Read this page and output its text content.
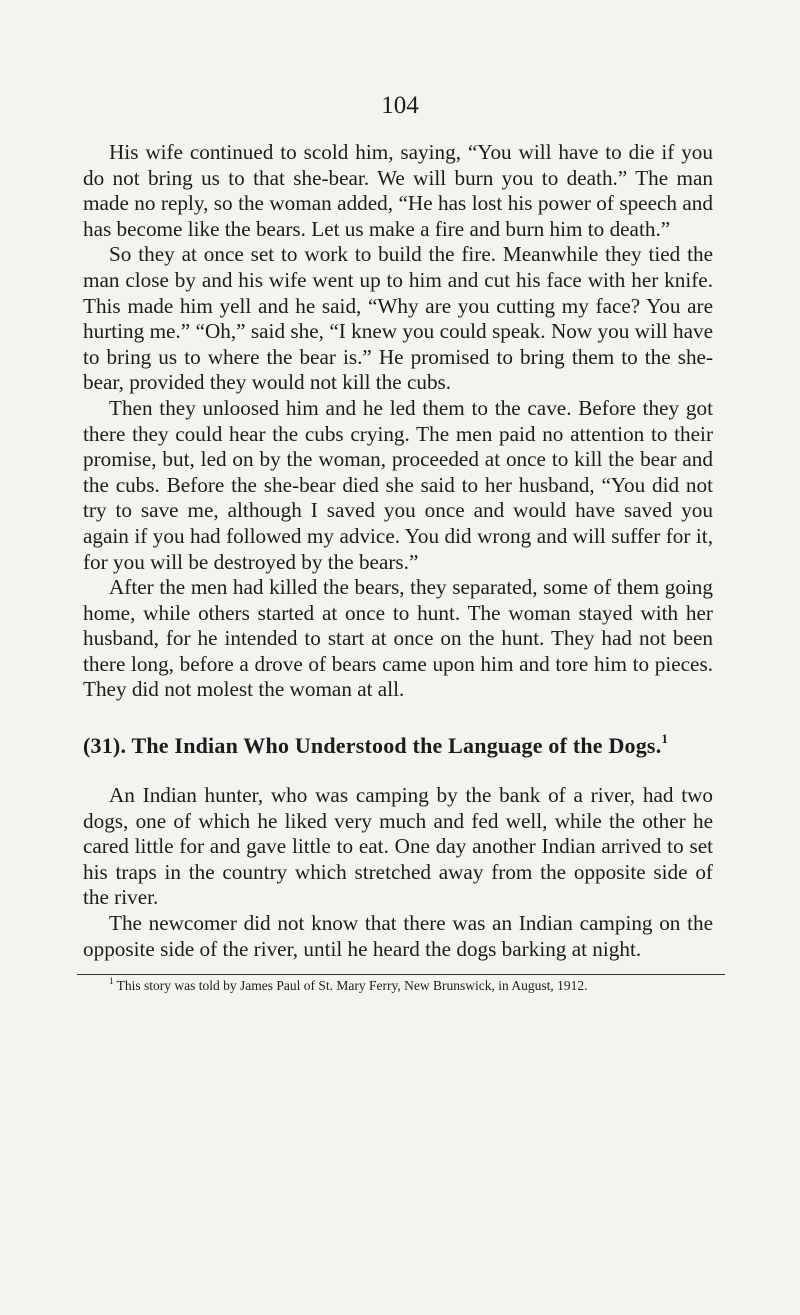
104

His wife continued to scold him, saying, “You will have to die if you do not bring us to that she-bear. We will burn you to death.” The man made no reply, so the woman added, “He has lost his power of speech and has become like the bears. Let us make a fire and burn him to death.”

So they at once set to work to build the fire. Meanwhile they tied the man close by and his wife went up to him and cut his face with her knife. This made him yell and he said, “Why are you cutting my face? You are hurting me.” “Oh,” said she, “I knew you could speak. Now you will have to bring us to where the bear is.” He promised to bring them to the she-bear, provided they would not kill the cubs.

Then they unloosed him and he led them to the cave. Before they got there they could hear the cubs crying. The men paid no attention to their promise, but, led on by the woman, proceeded at once to kill the bear and the cubs. Before the she-bear died she said to her husband, “You did not try to save me, although I saved you once and would have saved you again if you had followed my advice. You did wrong and will suffer for it, for you will be destroyed by the bears.”

After the men had killed the bears, they separated, some of them going home, while others started at once to hunt. The woman stayed with her husband, for he intended to start at once on the hunt. They had not been there long, before a drove of bears came upon him and tore him to pieces. They did not molest the woman at all.

(31). The Indian Who Understood the Language of the Dogs.$^1$

An Indian hunter, who was camping by the bank of a river, had two dogs, one of which he liked very much and fed well, while the other he cared little for and gave little to eat. One day another Indian arrived to set his traps in the country which stretched away from the opposite side of the river.

The newcomer did not know that there was an Indian camping on the opposite side of the river, until he heard the dogs barking at night.

$^1$ This story was told by James Paul of St. Mary Ferry, New Brunswick, in August, 1912.
